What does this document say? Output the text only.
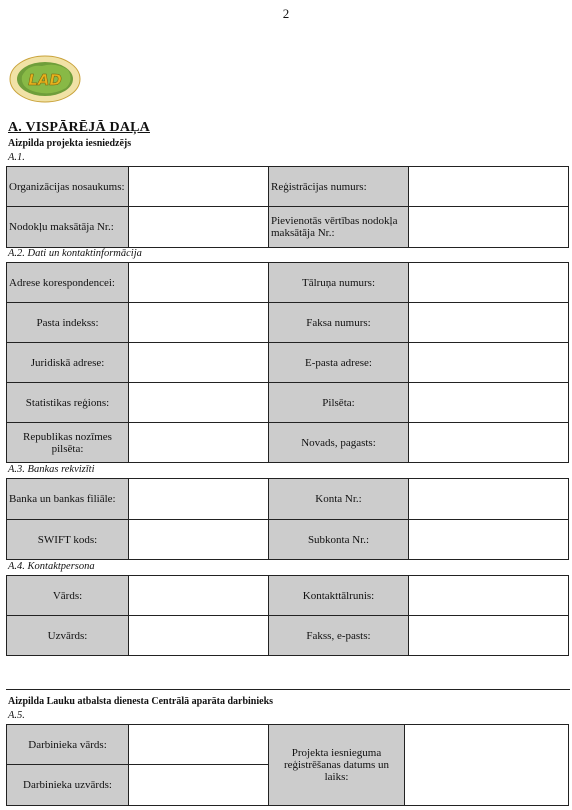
2
LAD
A. VISPĀRĒJĀ DAĻA
Aizpilda projekta iesniedzējs
A.1.
Organizācijas nosaukums:		Reģistrācijas numurs:	
Nodokļu maksātāja Nr.:		Pievienotās vērtības nodokļa maksātāja Nr.:	
A.2. Dati un kontaktinformācija
Adrese korespondencei:		Tālruņa numurs:	
Pasta indekss:		Faksa numurs:	
Juridiskā adrese:		E-pasta adrese:	
Statistikas reģions:		Pilsēta:	
Republikas nozīmes pilsēta:		Novads, pagasts:	
A.3. Bankas rekvizīti
Banka un bankas filiāle:		Konta Nr.:	
SWIFT kods:		Subkonta Nr.:	
A.4. Kontaktpersona
Vārds:		Kontakttālrunis:	
Uzvārds:		Fakss, e-pasts:	
Aizpilda Lauku atbalsta dienesta Centrālā aparāta darbinieks
A.5.
Darbinieka vārds:		Projekta iesnieguma reģistrēšanas datums un laiks:	
Darbinieka uzvārds:			
